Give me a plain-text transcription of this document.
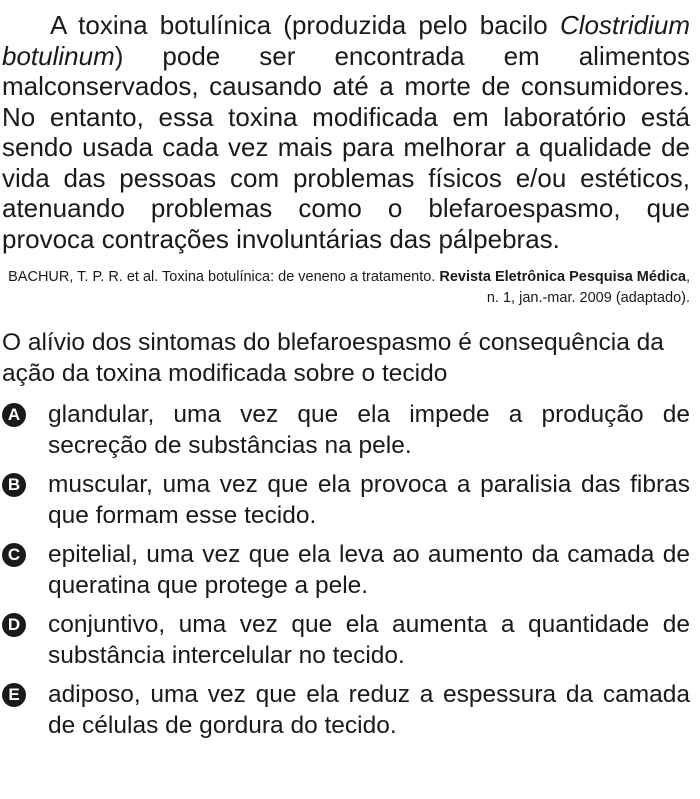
A toxina botulínica (produzida pelo bacilo Clostridium botulinum) pode ser encontrada em alimentos malconservados, causando até a morte de consumidores. No entanto, essa toxina modificada em laboratório está sendo usada cada vez mais para melhorar a qualidade de vida das pessoas com problemas físicos e/ou estéticos, atenuando problemas como o blefaroespasmo, que provoca contrações involuntárias das pálpebras.

BACHUR, T. P. R. et al. Toxina botulínica: de veneno a tratamento. Revista Eletrônica Pesquisa Médica, n. 1, jan.-mar. 2009 (adaptado).
O alívio dos sintomas do blefaroespasmo é consequência da ação da toxina modificada sobre o tecido
A glandular, uma vez que ela impede a produção de secreção de substâncias na pele.
B muscular, uma vez que ela provoca a paralisia das fibras que formam esse tecido.
C epitelial, uma vez que ela leva ao aumento da camada de queratina que protege a pele.
D conjuntivo, uma vez que ela aumenta a quantidade de substância intercelular no tecido.
E adiposo, uma vez que ela reduz a espessura da camada de células de gordura do tecido.
